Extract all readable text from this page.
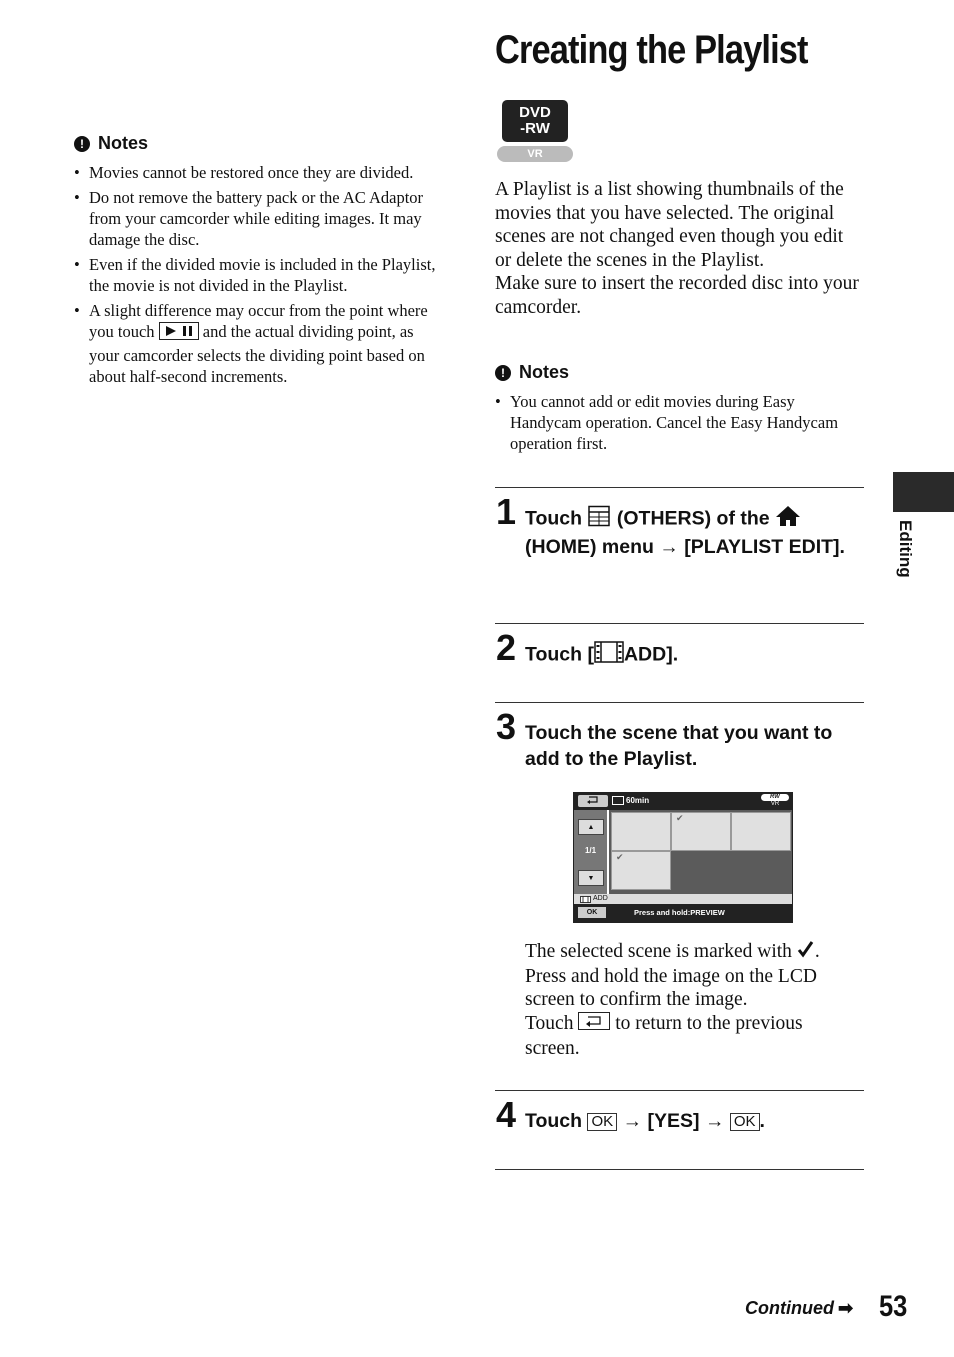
Creating the Playlist
DVD
-RW
VR
! Notes
• Movies cannot be restored once they are divided.
• Do not remove the battery pack or the AC Adaptor from your camcorder while editing images. It may damage the disc.
• Even if the divided movie is included in the Playlist, the movie is not divided in the Playlist.
• A slight difference may occur from the point where you touch	and the actual dividing point, as your camcorder selects the dividing point based on about half-second increments.
A Playlist is a list showing thumbnails of the movies that you have selected. The original scenes are not changed even though you edit or delete the scenes in the Playlist.
Make sure to insert the recorded disc into your camcorder.
! Notes
• You cannot add or edit movies during Easy Handycam operation. Cancel the Easy Handycam operation first.
1 Touch (OTHERS) of the
(HOME) menu → [PLAYLIST EDIT].
2 Touch [ ADD].
3 Touch the scene that you want to add to the Playlist.
60min	RW
VR
▲
1/1
▼
✔
✔
ADD
OK	Press and hold:PREVIEW
The selected scene is marked with .
Press and hold the image on the LCD screen to confirm the image.
Touch to return to the previous screen.
4 Touch OK → [YES] → OK .
Editing
Continued ➡ 53
